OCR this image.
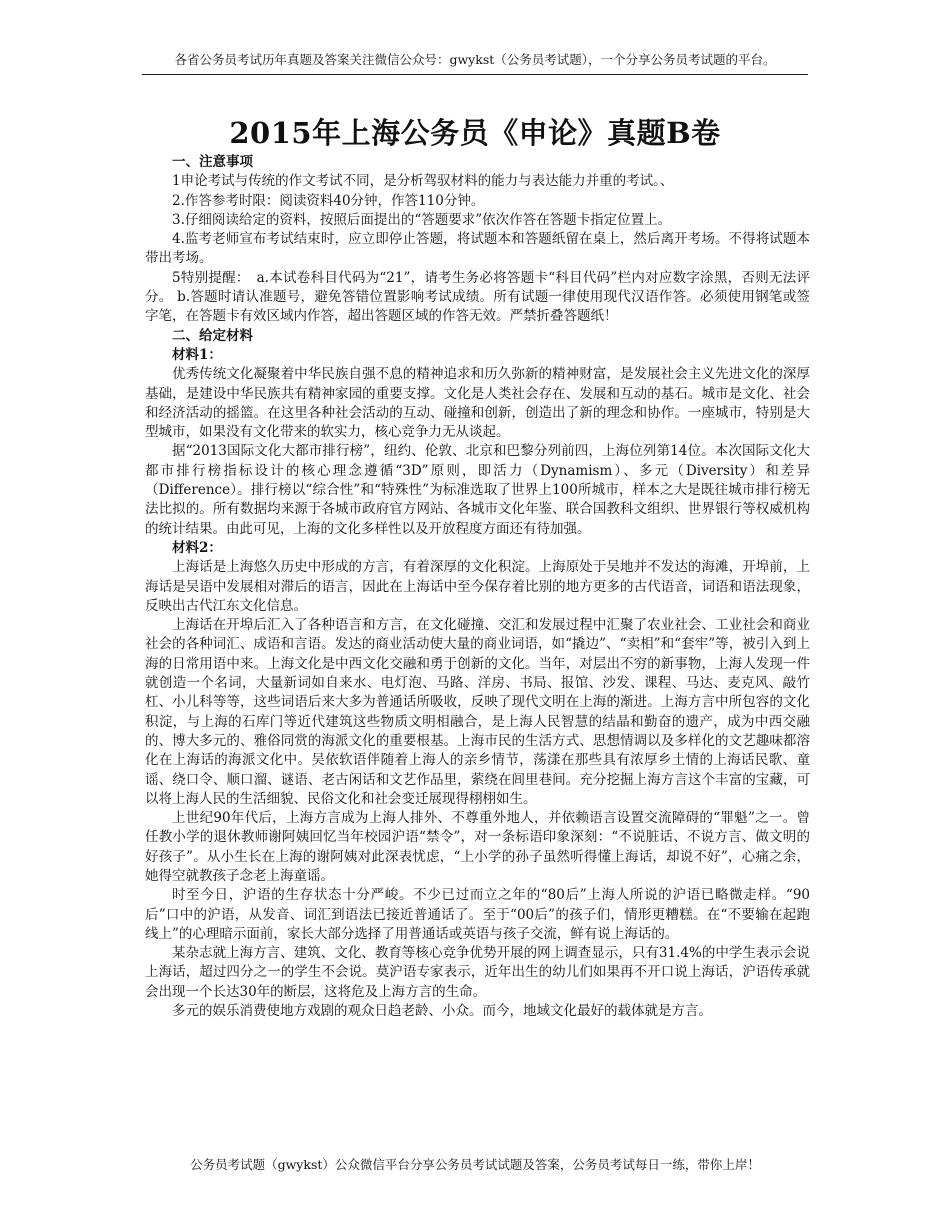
各省公务员考试历年真题及答案关注微信公众号：gwykst（公务员考试题），一个分享公务员考试题的平台。
2015年上海公务员《申论》真题B卷

一、注意事项

1申论考试与传统的作文考试不同，是分析驾驭材料的能力与表达能力并重的考试。、

2.作答参考时限：阅读资料40分钟，作答110分钟。

3.仔细阅读给定的资料，按照后面提出的“答题要求”依次作答在答题卡指定位置上。

4.监考老师宣布考试结束时，应立即停止答题，将试题本和答题纸留在桌上，然后离开考场。不得将试题本带出考场。

5特别提醒：　a.本试卷科目代码为“21”，请考生务必将答题卡“科目代码”栏内对应数字涂黑，否则无法评分。 b.答题时请认准题号，避免答错位置影响考试成绩。所有试题一律使用现代汉语作答。必须使用钢笔或签字笔，在答题卡有效区域内作答，超出答题区域的作答无效。严禁折叠答题纸！

二、给定材料

材料1：

优秀传统文化凝聚着中华民族自强不息的精神追求和历久弥新的精神财富，是发展社会主义先进文化的深厚基础，是建设中华民族共有精神家园的重要支撑。文化是人类社会存在、发展和互动的基石。城市是文化、社会和经济活动的摇篮。在这里各种社会活动的互动、碰撞和创新，创造出了新的理念和协作。一座城市，特别是大型城市，如果没有文化带来的软实力，核心竞争力无从谈起。

据“2013国际文化大都市排行榜”，纽约、伦敦、北京和巴黎分列前四，上海位列第14位。本次国际文化大都市排行榜指标设计的核心理念遵循“3D”原则，即活力（Dynamism）、多元（Diversity）和差异（Difference）。排行榜以“综合性”和“特殊性”为标准选取了世界上100所城市，样本之大是既往城市排行榜无法比拟的。所有数据均来源于各城市政府官方网站、各城市文化年鉴、联合国教科文组织、世界银行等权威机构的统计结果。由此可见，上海的文化多样性以及开放程度方面还有待加强。

材料2：

上海话是上海悠久历史中形成的方言，有着深厚的文化积淀。上海原处于吴地并不发达的海滩，开埠前，上海话是吴语中发展相对滞后的语言，因此在上海话中至今保存着比别的地方更多的古代语音，词语和语法现象，反映出古代江东文化信息。

上海话在开埠后汇入了各种语言和方言，在文化碰撞、交汇和发展过程中汇聚了农业社会、工业社会和商业社会的各种词汇、成语和言语。发达的商业活动使大量的商业词语，如“撬边”、“卖相”和“套牢”等，被引入到上海的日常用语中来。上海文化是中西文化交融和勇于创新的文化。当年，对层出不穷的新事物，上海人发现一件就创造一个名词，大量新词如自来水、电灯泡、马路、洋房、书局、报馆、沙发、课程、马达、麦克风、敲竹杠、小儿科等等，这些词语后来大多为普通话所吸收，反映了现代文明在上海的渐进。上海方言中所包容的文化积淀，与上海的石库门等近代建筑这些物质文明相融合，是上海人民智慧的结晶和勤奋的遗产，成为中西交融的、博大多元的、雅俗同赏的海派文化的重要根基。上海市民的生活方式、思想情调以及多样化的文艺趣味都溶化在上海话的海派文化中。吴依软语伴随着上海人的亲乡情节，荡漾在那些具有浓厚乡土情的上海话民歌、童谣、绕口令、顺口溜、谜语、老古闲话和文艺作品里，萦绕在闾里巷间。充分挖掘上海方言这个丰富的宝藏，可以将上海人民的生活细貌、民俗文化和社会变迁展现得栩栩如生。

上世纪90年代后，上海方言成为上海人排外、不尊重外地人，并依赖语言设置交流障碍的“罪魁”之一。曾任教小学的退休教师谢阿姨回忆当年校园沪语“禁令”，对一条标语印象深刻：“不说脏话、不说方言、做文明的好孩子”。从小生长在上海的谢阿姨对此深表忧虑，“上小学的孙子虽然听得懂上海话，却说不好”，心痛之余，她得空就教孩子念老上海童谣。

时至今日，沪语的生存状态十分严峻。不少已过而立之年的“80后”上海人所说的沪语已略微走样。“90后”口中的沪语，从发音、词汇到语法已接近普通话了。至于“00后”的孩子们，情形更糟糕。在“不要输在起跑线上”的心理暗示面前，家长大部分选择了用普通话或英语与孩子交流，鲜有说上海话的。

某杂志就上海方言、建筑、文化、教育等核心竞争优势开展的网上调查显示，只有31.4%的中学生表示会说上海话，超过四分之一的学生不会说。莫沪语专家表示，近年出生的幼儿们如果再不开口说上海话，沪语传承就会出现一个长达30年的断层，这将危及上海方言的生命。

多元的娱乐消费使地方戏剧的观众日趋老龄、小众。而今，地域文化最好的载体就是方言。

公务员考试题（gwykst）公众微信平台分享公务员考试试题及答案，公务员考试每日一练，带你上岸！
